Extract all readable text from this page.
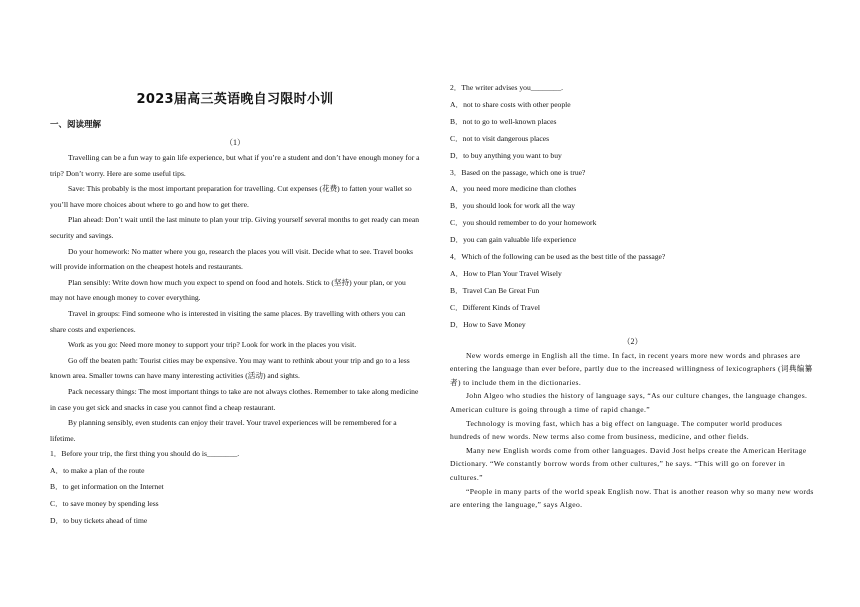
2023届高三英语晚自习限时小训
一、阅读理解
（1）

Travelling can be a fun way to gain life experience, but what if you’re a student and don’t have enough money for a trip? Don’t worry. Here are some useful tips.

Save: This probably is the most important preparation for travelling. Cut expenses (花费) to fatten your wallet so you’ll have more choices about where to go and how to get there.

Plan ahead: Don’t wait until the last minute to plan your trip. Giving yourself several months to get ready can mean security and savings.

Do your homework: No matter where you go, research the places you will visit. Decide what to see. Travel books will provide information on the cheapest hotels and restaurants.

Plan sensibly: Write down how much you expect to spend on food and hotels. Stick to (坚持) your plan, or you may not have enough money to cover everything.

Travel in groups: Find someone who is interested in visiting the same places. By travelling with others you can share costs and experiences.

Work as you go: Need more money to support your trip? Look for work in the places you visit.

Go off the beaten path: Tourist cities may be expensive. You may want to rethink about your trip and go to a less known area. Smaller towns can have many interesting activities (活动) and sights.

Pack necessary things: The most important things to take are not always clothes. Remember to take along medicine in case you get sick and snacks in case you cannot find a cheap restaurant.

By planning sensibly, even students can enjoy their travel. Your travel experiences will be remembered for a lifetime.

1．Before your trip, the first thing you should do is________.

A．to make a plan of the route

B．to get information on the Internet

C．to save money by spending less

D．to buy tickets ahead of time

2．The writer advises you________.

A．not to share costs with other people

B．not to go to well-known places

C．not to visit dangerous places

D．to buy anything you want to buy

3．Based on the passage, which one is true?

A．you need more medicine than clothes

B．you should look for work all the way

C．you should remember to do your homework

D．you can gain valuable life experience

4．Which of the following can be used as the best title of the passage?

A．How to Plan Your Travel Wisely

B．Travel Can Be Great Fun

C．Different Kinds of Travel

D．How to Save Money

（2）

New words emerge in English all the time. In fact, in recent years more new words and phrases are entering the language than ever before, partly due to the increased willingness of lexicographers (词典编纂者) to include them in the dictionaries.

John Algeo who studies the history of language says, “As our culture changes, the language changes. American culture is going through a time of rapid change.”

Technology is moving fast, which has a big effect on language. The computer world produces hundreds of new words. New terms also come from business, medicine, and other fields.

Many new English words come from other languages. David Jost helps create the American Heritage Dictionary. “We constantly borrow words from other cultures,” he says. “This will go on forever in cultures.”

“People in many parts of the world speak English now. That is another reason why so many new words are entering the language,” says Algeo.
